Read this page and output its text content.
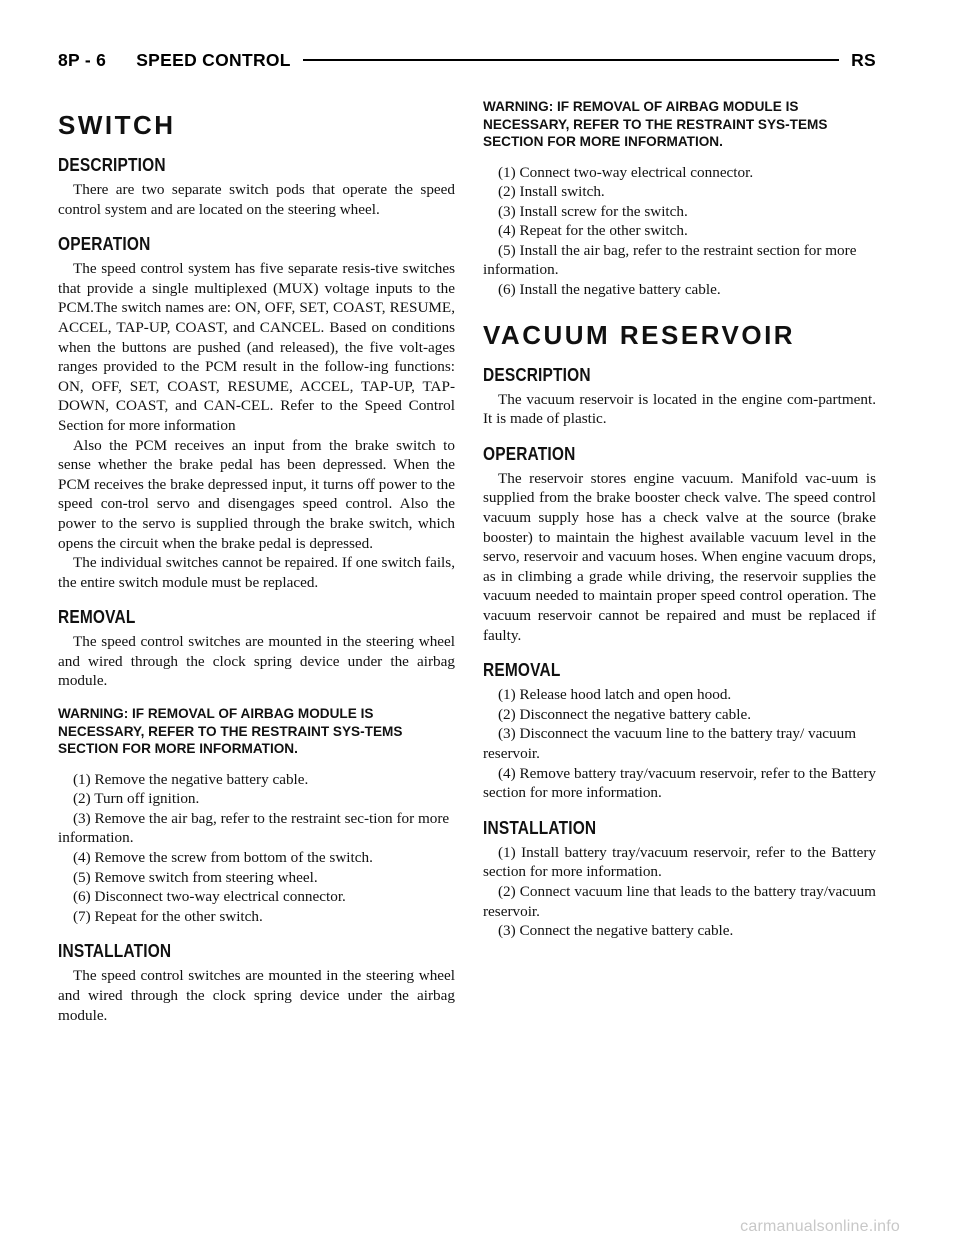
8P - 6 SPEED CONTROL	RS
SWITCH
DESCRIPTION

There are two separate switch pods that operate the speed control system and are located on the steering wheel.

OPERATION

The speed control system has five separate resis-tive switches that provide a single multiplexed (MUX) voltage inputs to the PCM.The switch names are: ON, OFF, SET, COAST, RESUME, ACCEL, TAP-UP, COAST, and CANCEL. Based on conditions when the buttons are pushed (and released), the five volt-ages ranges provided to the PCM result in the follow-ing functions: ON, OFF, SET, COAST, RESUME, ACCEL, TAP-UP, TAP-DOWN, COAST, and CAN-CEL. Refer to the Speed Control Section for more information

Also the PCM receives an input from the brake switch to sense whether the brake pedal has been depressed. When the PCM receives the brake depressed input, it turns off power to the speed con-trol servo and disengages speed control. Also the power to the servo is supplied through the brake switch, which opens the circuit when the brake pedal is depressed.

The individual switches cannot be repaired. If one switch fails, the entire switch module must be replaced.

REMOVAL

The speed control switches are mounted in the steering wheel and wired through the clock spring device under the airbag module.

WARNING: IF REMOVAL OF AIRBAG MODULE IS NECESSARY, REFER TO THE RESTRAINT SYS-TEMS SECTION FOR MORE INFORMATION.

(1) Remove the negative battery cable.

(2) Turn off ignition.

(3) Remove the air bag, refer to the restraint sec-tion for more information.

(4) Remove the screw from bottom of the switch.

(5) Remove switch from steering wheel.

(6) Disconnect two-way electrical connector.

(7) Repeat for the other switch.

INSTALLATION

The speed control switches are mounted in the steering wheel and wired through the clock spring device under the airbag module.

WARNING: IF REMOVAL OF AIRBAG MODULE IS NECESSARY, REFER TO THE RESTRAINT SYS-TEMS SECTION FOR MORE INFORMATION.

(1) Connect two-way electrical connector.

(2) Install switch.

(3) Install screw for the switch.

(4) Repeat for the other switch.

(5) Install the air bag, refer to the restraint section for more information.

(6) Install the negative battery cable.

VACUUM RESERVOIR
DESCRIPTION

The vacuum reservoir is located in the engine com-partment. It is made of plastic.

OPERATION

The reservoir stores engine vacuum. Manifold vac-uum is supplied from the brake booster check valve. The speed control vacuum supply hose has a check valve at the source (brake booster) to maintain the highest available vacuum level in the servo, reservoir and vacuum hoses. When engine vacuum drops, as in climbing a grade while driving, the reservoir supplies the vacuum needed to maintain proper speed control operation. The vacuum reservoir cannot be repaired and must be replaced if faulty.

REMOVAL

(1) Release hood latch and open hood.

(2) Disconnect the negative battery cable.

(3) Disconnect the vacuum line to the battery tray/ vacuum reservoir.

(4) Remove battery tray/vacuum reservoir, refer to the Battery section for more information.

INSTALLATION

(1) Install battery tray/vacuum reservoir, refer to the Battery section for more information.

(2) Connect vacuum line that leads to the battery tray/vacuum reservoir.

(3) Connect the negative battery cable.

carmanualsonline.info
